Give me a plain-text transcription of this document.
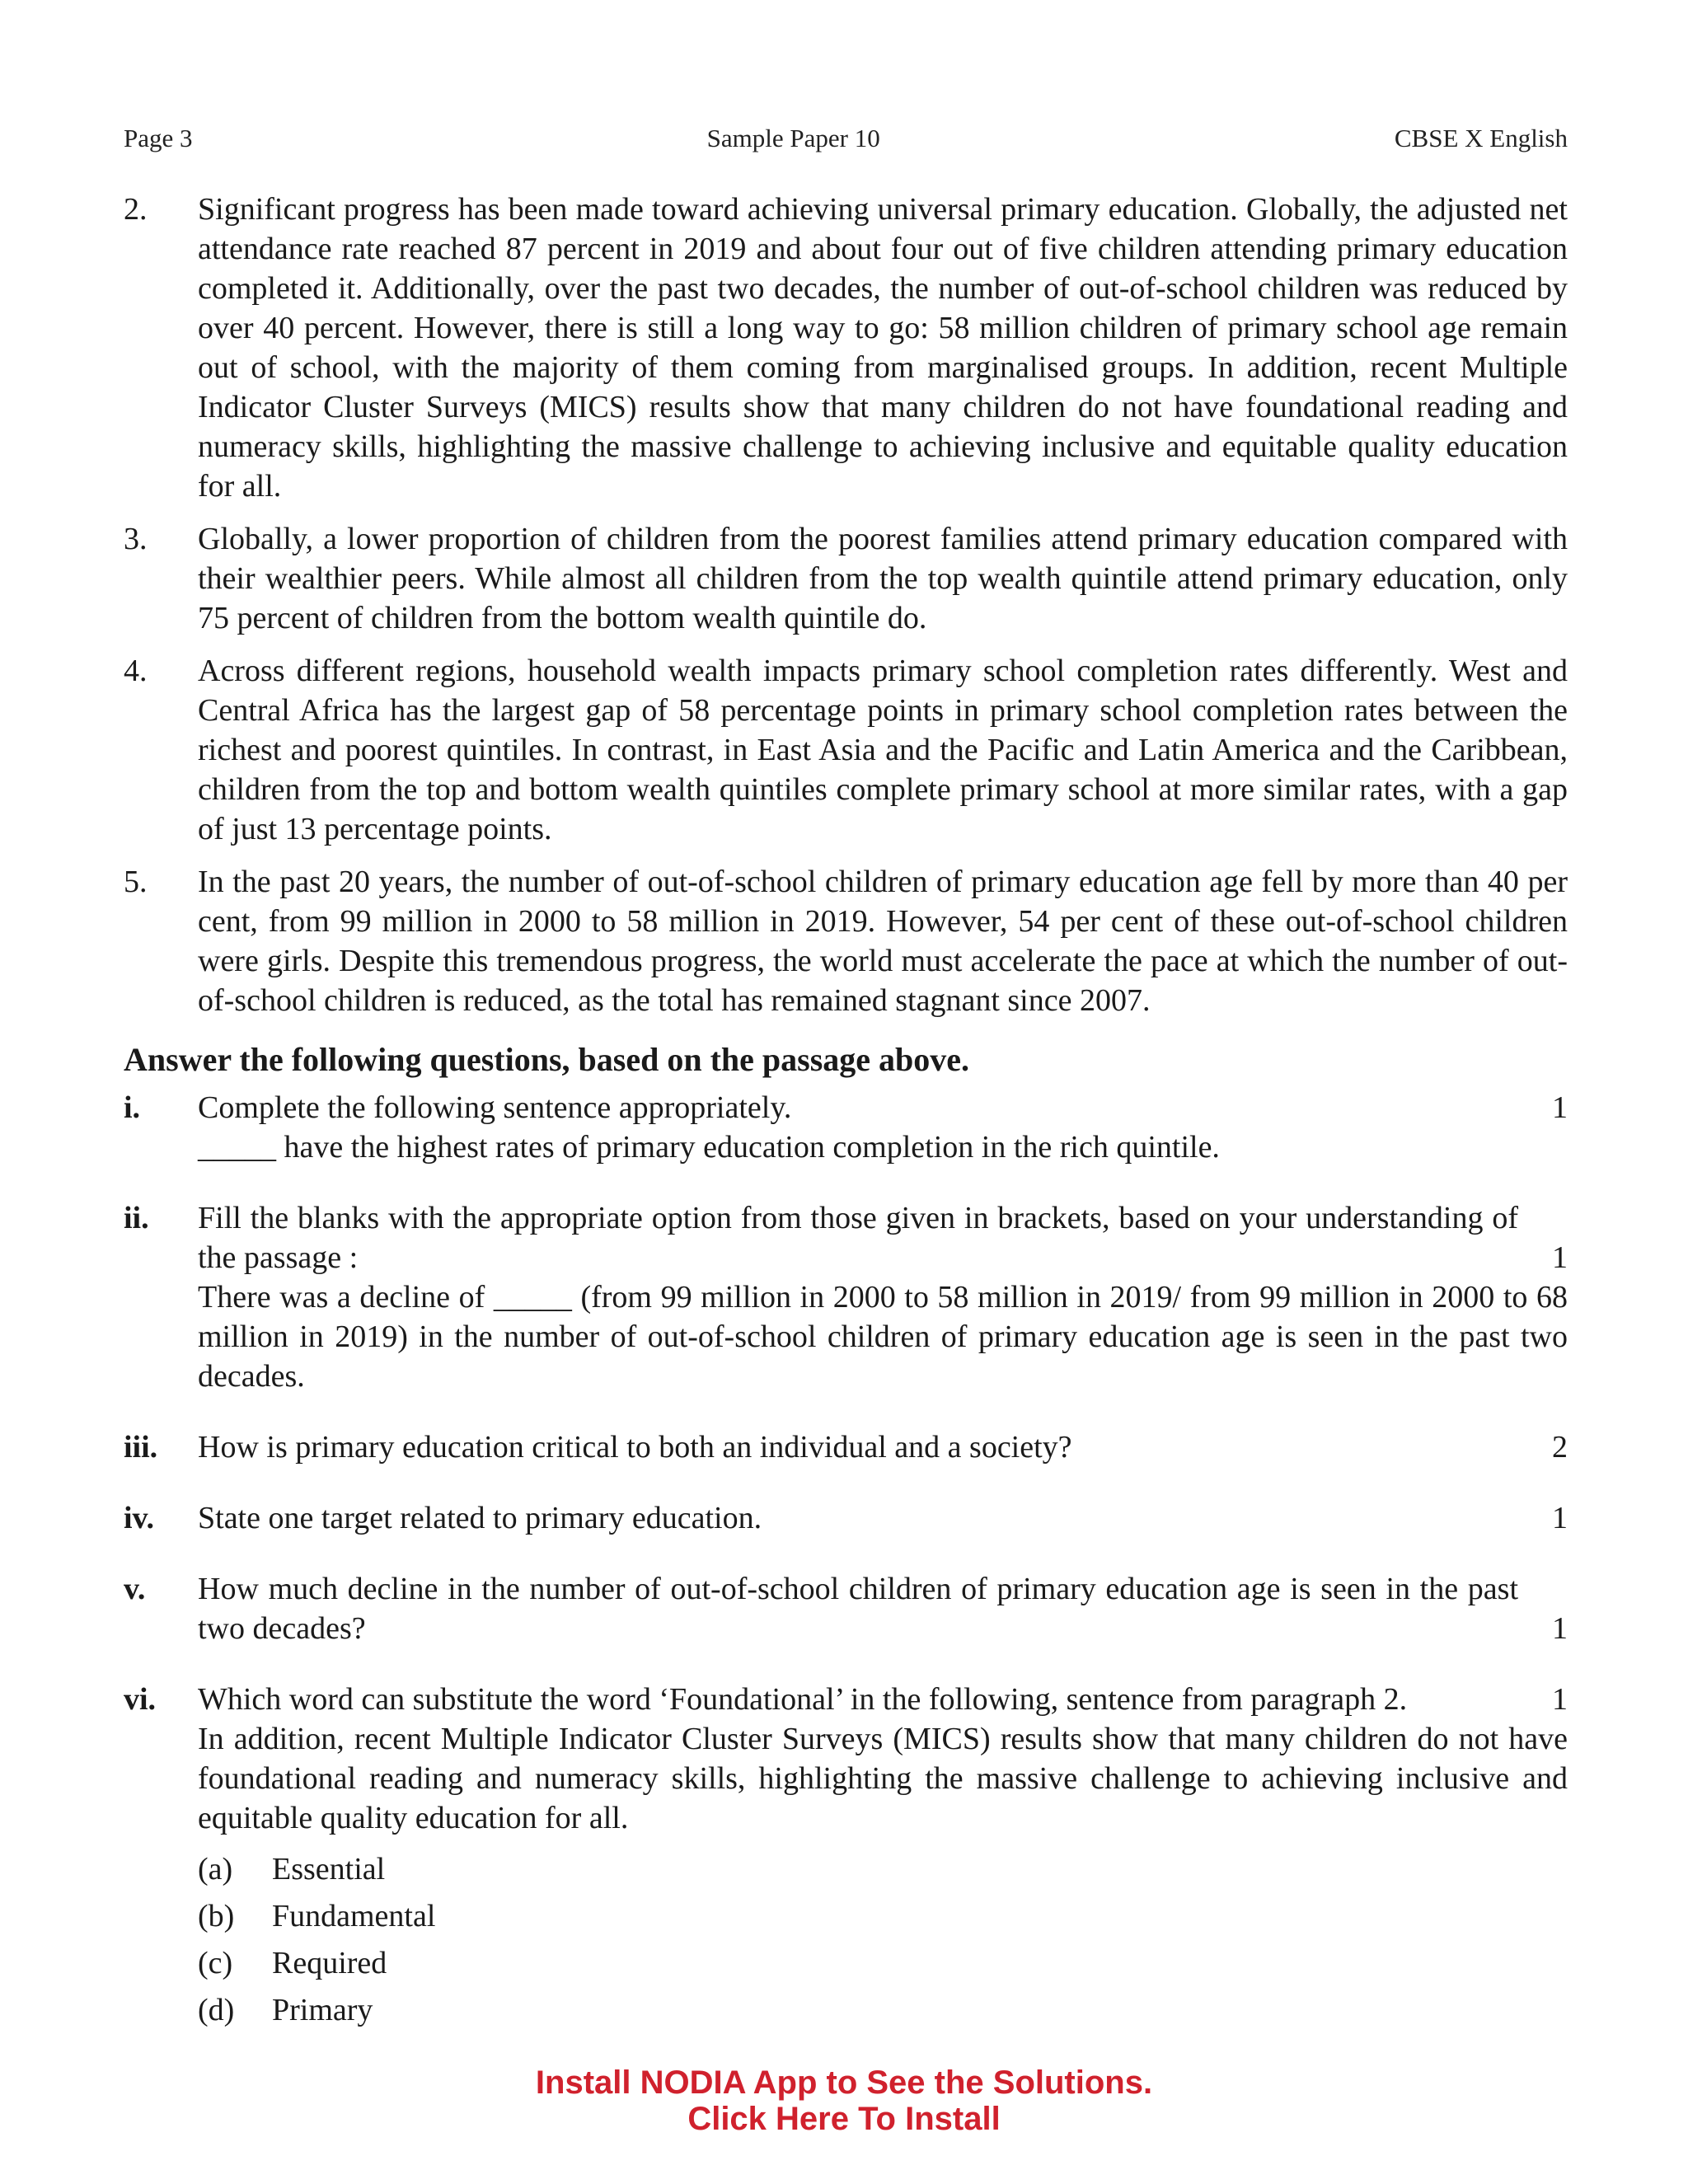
Page 3	Sample Paper 10	CBSE X English
2.	Significant progress has been made toward achieving universal primary education. Globally, the adjusted net attendance rate reached 87 percent in 2019 and about four out of five children attending primary education completed it. Additionally, over the past two decades, the number of out-of-school children was reduced by over 40 percent. However, there is still a long way to go: 58 million children of primary school age remain out of school, with the majority of them coming from marginalised groups. In addition, recent Multiple Indicator Cluster Surveys (MICS) results show that many children do not have foundational reading and numeracy skills, highlighting the massive challenge to achieving inclusive and equitable quality education for all.
3.	Globally, a lower proportion of children from the poorest families attend primary education compared with their wealthier peers. While almost all children from the top wealth quintile attend primary education, only 75 percent of children from the bottom wealth quintile do.
4.	Across different regions, household wealth impacts primary school completion rates differently. West and Central Africa has the largest gap of 58 percentage points in primary school completion rates between the richest and poorest quintiles. In contrast, in East Asia and the Pacific and Latin America and the Caribbean, children from the top and bottom wealth quintiles complete primary school at more similar rates, with a gap of just 13 percentage points.
5.	In the past 20 years, the number of out-of-school children of primary education age fell by more than 40 per cent, from 99 million in 2000 to 58 million in 2019. However, 54 per cent of these out-of-school children were girls. Despite this tremendous progress, the world must accelerate the pace at which the number of out-of-school children is reduced, as the total has remained stagnant since 2007.
Answer the following questions, based on the passage above.
i.	Complete the following sentence appropriately.	1
_____ have the highest rates of primary education completion in the rich quintile.
ii.	Fill the blanks with the appropriate option from those given in brackets, based on your understanding of the passage :	1
There was a decline of _____ (from 99 million in 2000 to 58 million in 2019/ from 99 million in 2000 to 68 million in 2019) in the number of out-of-school children of primary education age is seen in the past two decades.
iii.	How is primary education critical to both an individual and a society?	2
iv.	State one target related to primary education.	1
v.	How much decline in the number of out-of-school children of primary education age is seen in the past two decades?	1
vi.	Which word can substitute the word ‘Foundational’ in the following, sentence from paragraph 2.	1
In addition, recent Multiple Indicator Cluster Surveys (MICS) results show that many children do not have foundational reading and numeracy skills, highlighting the massive challenge to achieving inclusive and equitable quality education for all.
(a)	Essential
(b)	Fundamental
(c)	Required
(d)	Primary
Install NODIA App to See the Solutions.
Click Here To Install
